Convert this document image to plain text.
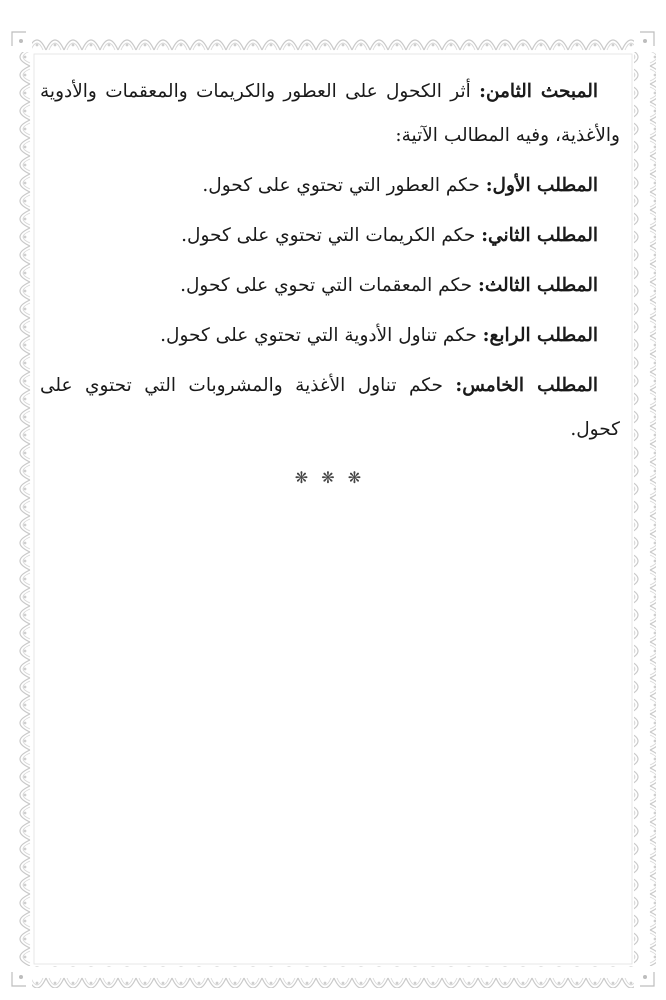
المبحث الثامن: أثر الكحول على العطور والكريمات والمعقمات والأدوية والأغذية، وفيه المطالب الآتية:

المطلب الأول: حكم العطور التي تحتوي على كحول.

المطلب الثاني: حكم الكريمات التي تحتوي على كحول.

المطلب الثالث: حكم المعقمات التي تحوي على كحول.

المطلب الرابع: حكم تناول الأدوية التي تحتوي على كحول.

المطلب الخامس: حكم تناول الأغذية والمشروبات التي تحتوي على كحول.

❋ ❋ ❋
